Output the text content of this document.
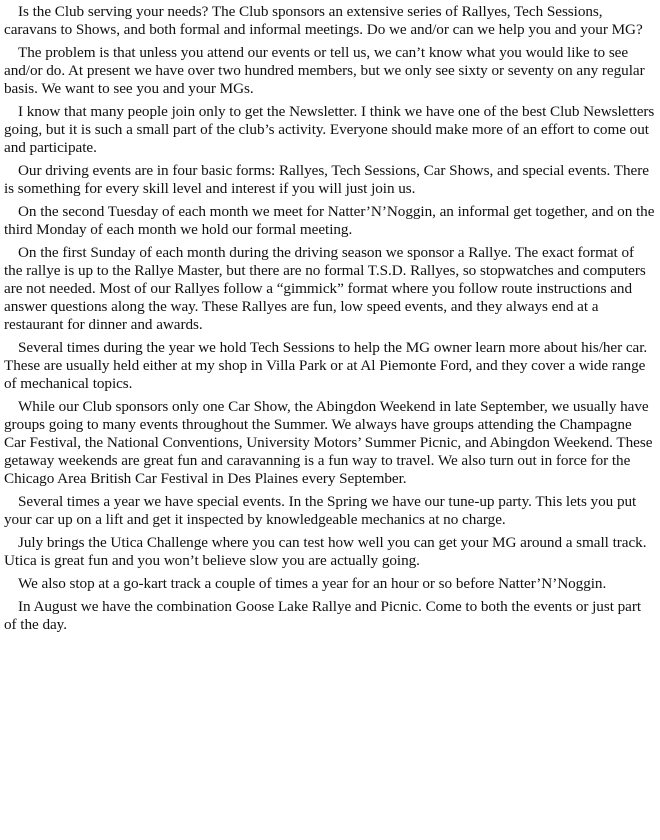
Is the Club serving your needs? The Club sponsors an extensive series of Rallyes, Tech Sessions, caravans to Shows, and both formal and informal meetings. Do we and/or can we help you and your MG?

The problem is that unless you attend our events or tell us, we can’t know what you would like to see and/or do. At present we have over two hundred members, but we only see sixty or seventy on any regular basis. We want to see you and your MGs.

I know that many people join only to get the Newsletter. I think we have one of the best Club Newsletters going, but it is such a small part of the club’s activity. Everyone should make more of an effort to come out and participate.

Our driving events are in four basic forms: Rallyes, Tech Sessions, Car Shows, and special events. There is something for every skill level and interest if you will just join us.

On the second Tuesday of each month we meet for Natter’N’Noggin, an informal get together, and on the third Monday of each month we hold our formal meeting.

On the first Sunday of each month during the driving season we sponsor a Rallye. The exact format of the rallye is up to the Rallye Master, but there are no formal T.S.D. Rallyes, so stopwatches and computers are not needed. Most of our Rallyes follow a “gimmick” format where you follow route instructions and answer questions along the way. These Rallyes are fun, low speed events, and they always end at a restaurant for dinner and awards.

Several times during the year we hold Tech Sessions to help the MG owner learn more about his/her car. These are usually held either at my shop in Villa Park or at Al Piemonte Ford, and they cover a wide range of mechanical topics.

While our Club sponsors only one Car Show, the Abingdon Weekend in late September, we usually have groups going to many events throughout the Summer. We always have groups attending the Champagne Car Festival, the National Conventions, University Motors’ Summer Picnic, and Abingdon Weekend. These getaway weekends are great fun and caravanning is a fun way to travel. We also turn out in force for the Chicago Area British Car Festival in Des Plaines every September.

Several times a year we have special events. In the Spring we have our tune-up party. This lets you put your car up on a lift and get it inspected by knowledgeable mechanics at no charge.

July brings the Utica Challenge where you can test how well you can get your MG around a small track. Utica is great fun and you won’t believe slow you are actually going.

We also stop at a go-kart track a couple of times a year for an hour or so before Natter’N’Noggin.

In August we have the combination Goose Lake Rallye and Picnic. Come to both the events or just part of the day.
